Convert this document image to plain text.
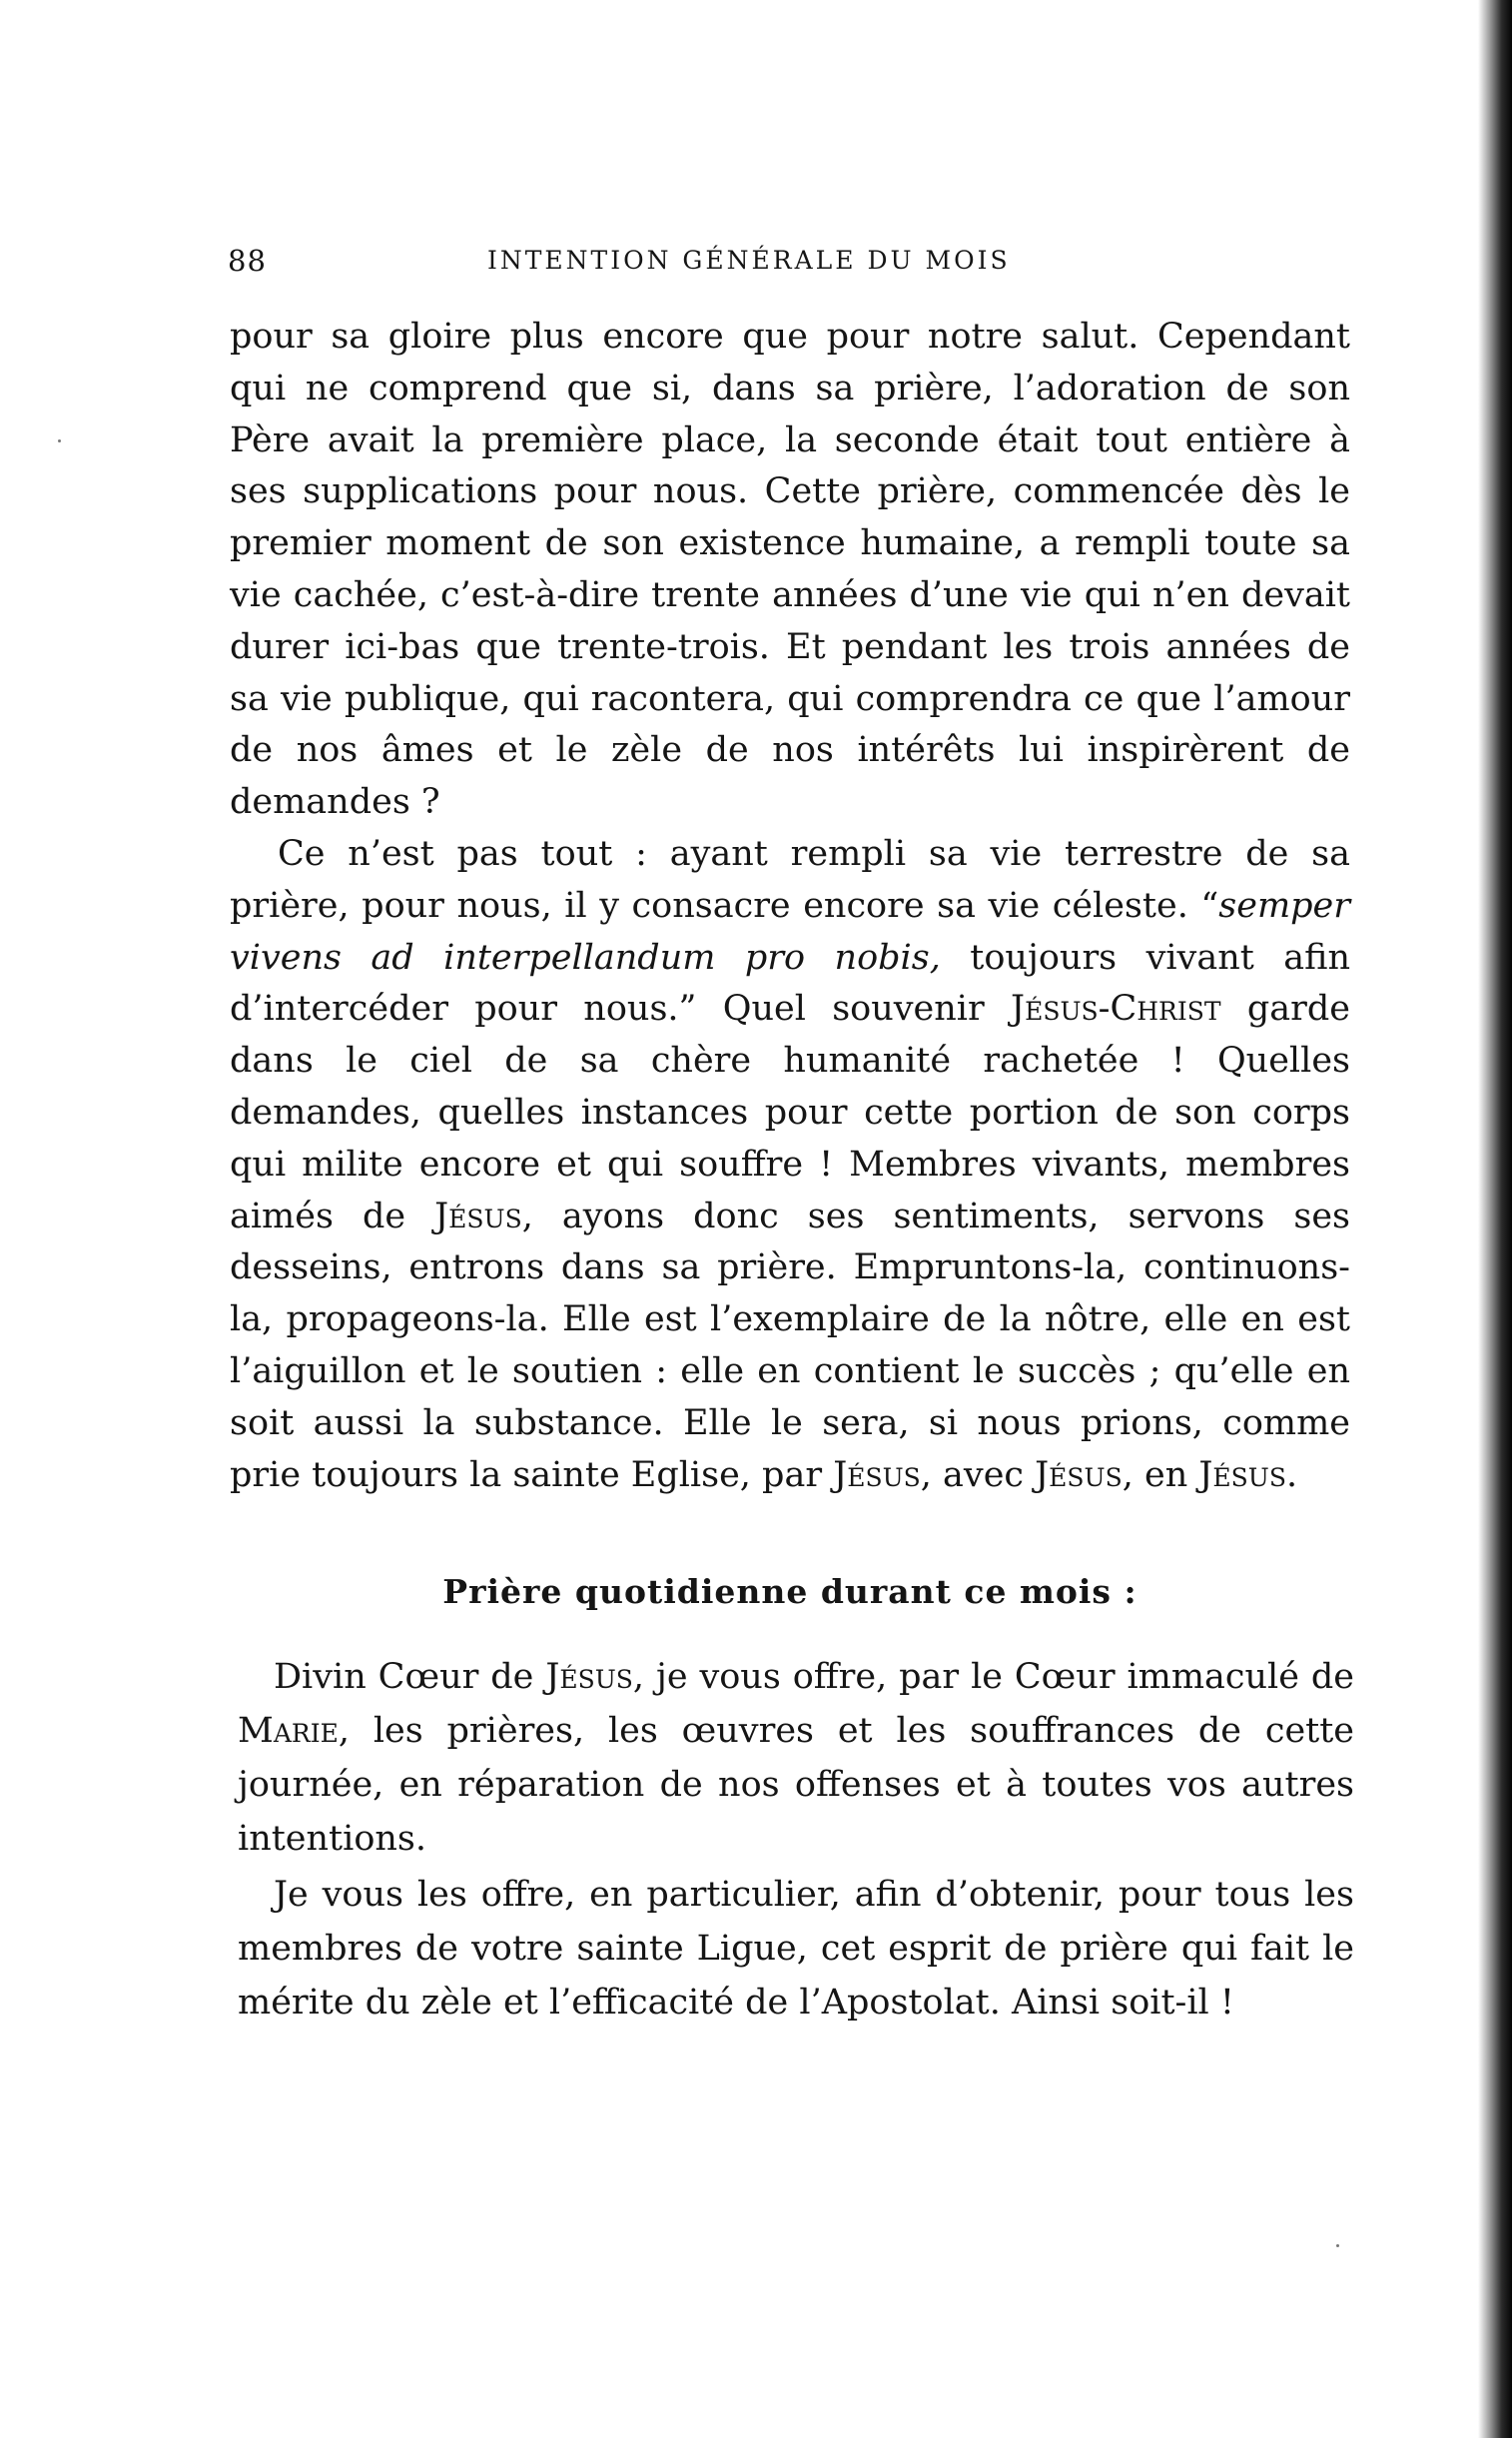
88	INTENTION GÉNÉRALE DU MOIS

pour sa gloire plus encore que pour notre salut. Cependant qui ne comprend que si, dans sa prière, l’adoration de son Père avait la première place, la seconde était tout entière à ses supplications pour nous. Cette prière, commencée dès le premier moment de son existence humaine, a rempli toute sa vie cachée, c’est-à-dire trente années d’une vie qui n’en devait durer ici-bas que trente-trois. Et pendant les trois années de sa vie publique, qui racontera, qui comprendra ce que l’amour de nos âmes et le zèle de nos intérêts lui inspirèrent de demandes ?

Ce n’est pas tout : ayant rempli sa vie terrestre de sa prière, pour nous, il y consacre encore sa vie céleste. “semper vivens ad interpellandum pro nobis, toujours vivant afin d’intercéder pour nous.” Quel souvenir Jésus-Christ garde dans le ciel de sa chère humanité rachetée ! Quelles demandes, quelles instances pour cette portion de son corps qui milite encore et qui souffre ! Membres vivants, membres aimés de Jésus, ayons donc ses sentiments, servons ses desseins, entrons dans sa prière. Empruntons-la, continuons-la, propageons-la. Elle est l’exemplaire de la nôtre, elle en est l’aiguillon et le soutien : elle en contient le succès ; qu’elle en soit aussi la substance. Elle le sera, si nous prions, comme prie toujours la sainte Eglise, par Jésus, avec Jésus, en Jésus.

Prière quotidienne durant ce mois :

Divin Cœur de Jésus, je vous offre, par le Cœur immaculé de Marie, les prières, les œuvres et les souffrances de cette journée, en réparation de nos offenses et à toutes vos autres intentions.

Je vous les offre, en particulier, afin d’obtenir, pour tous les membres de votre sainte Ligue, cet esprit de prière qui fait le mérite du zèle et l’efficacité de l’Apostolat. Ainsi soit-il !
